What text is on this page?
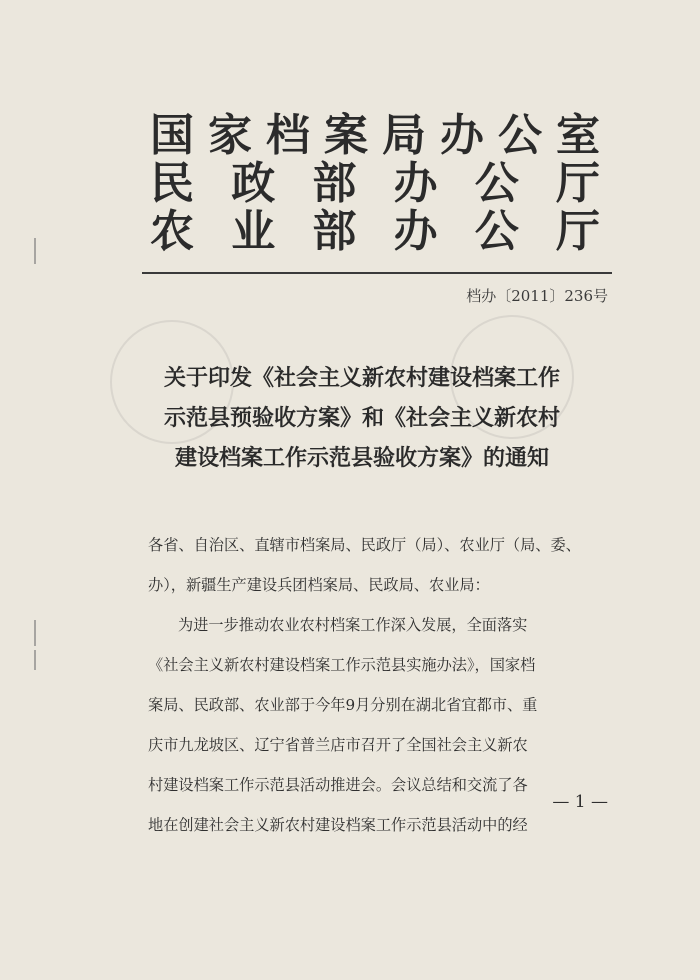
国 家 档 案 局 办 公 室
民 政 部 办 公 厅
农 业 部 办 公 厅
档办〔2011〕236号
关于印发《社会主义新农村建设档案工作
示范县预验收方案》和《社会主义新农村
建设档案工作示范县验收方案》的通知
各省、自治区、直辖市档案局、民政厅（局）、农业厅（局、委、
办），新疆生产建设兵团档案局、民政局、农业局：
为进一步推动农业农村档案工作深入发展，全面落实
《社会主义新农村建设档案工作示范县实施办法》，国家档
案局、民政部、农业部于今年9月分别在湖北省宜都市、重
庆市九龙坡区、辽宁省普兰店市召开了全国社会主义新农
村建设档案工作示范县活动推进会。会议总结和交流了各
地在创建社会主义新农村建设档案工作示范县活动中的经
— 1 —
